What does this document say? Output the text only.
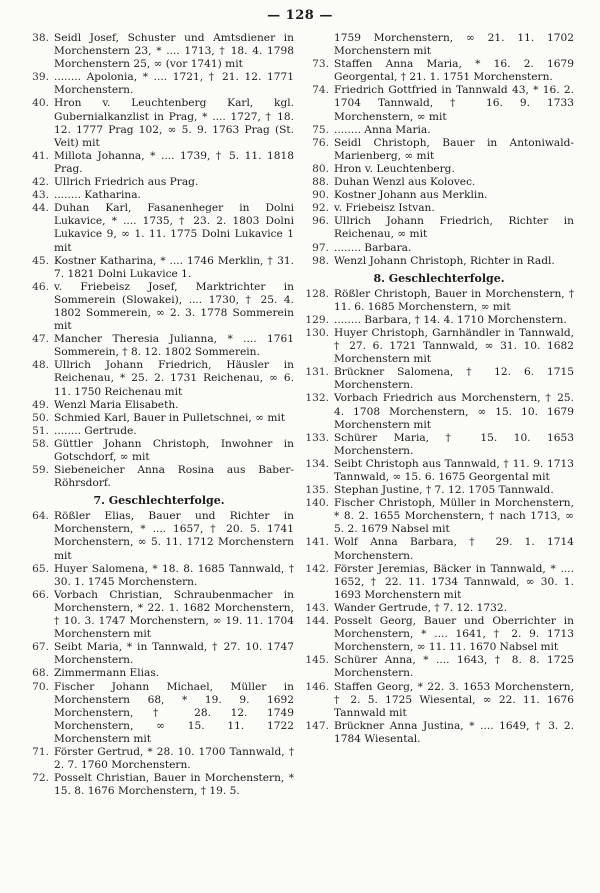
— 128 —
38. Seidl Josef, Schuster und Amtsdiener in Morchenstern 23, * .... 1713, † 18. 4. 1798 Morchenstern 25, ∞ (vor 1741) mit
39. ........ Apolonia, * .... 1721, † 21. 12. 1771 Morchenstern.
40. Hron v. Leuchtenberg Karl, kgl. Gubernialkanzlist in Prag, * .... 1727, † 18. 12. 1777 Prag 102, ∞ 5. 9. 1763 Prag (St. Veit) mit
41. Millota Johanna, * .... 1739, † 5. 11. 1818 Prag.
42. Ullrich Friedrich aus Prag.
43. ........ Katharina.
44. Duhan Karl, Fasanenheger in Dolni Lukavice, * .... 1735, † 23. 2. 1803 Dolni Lukavice 9, ∞ 1. 11. 1775 Dolni Lukavice 1 mit
45. Kostner Katharina, * .... 1746 Merklin, † 31. 7. 1821 Dolni Lukavice 1.
46. v. Friebeisz Josef, Marktrichter in Sommerein (Slowakei), .... 1730, † 25. 4. 1802 Sommerein, ∞ 2. 3. 1778 Sommerein mit
47. Mancher Theresia Julianna, * .... 1761 Sommerein, † 8. 12. 1802 Sommerein.
48. Ullrich Johann Friedrich, Häusler in Reichenau, * 25. 2. 1731 Reichenau, ∞ 6. 11. 1750 Reichenau mit
49. Wenzl Maria Elisabeth.
50. Schmied Karl, Bauer in Pulletschnei, ∞ mit
51. ........ Gertrude.
58. Güttler Johann Christoph, Inwohner in Gotschdorf, ∞ mit
59. Siebeneicher Anna Rosina aus Baber-Röhrsdorf.
7. Geschlechterfolge.
64. Rößler Elias, Bauer und Richter in Morchenstern, * .... 1657, † 20. 5. 1741 Morchenstern, ∞ 5. 11. 1712 Morchenstern mit
65. Huyer Salomena, * 18. 8. 1685 Tannwald, † 30. 1. 1745 Morchenstern.
66. Vorbach Christian, Schraubenmacher in Morchenstern, * 22. 1. 1682 Morchenstern, † 10. 3. 1747 Morchenstern, ∞ 19. 11. 1704 Morchenstern mit
67. Seibt Maria, * in Tannwald, † 27. 10. 1747 Morchenstern.
68. Zimmermann Elias.
70. Fischer Johann Michael, Müller in Morchenstern 68, * 19. 9. 1692 Morchenstern, † 28. 12. 1749 Morchenstern, ∞ 15. 11. 1722 Morchenstern mit
71. Förster Gertrud, * 28. 10. 1700 Tannwald, † 2. 7. 1760 Morchenstern.
72. Posselt Christian, Bauer in Morchenstern, * 15. 8. 1676 Morchenstern, † 19. 5.
1759 Morchenstern, ∞ 21. 11. 1702 Morchenstern mit
73. Staffen Anna Maria, * 16. 2. 1679 Georgental, † 21. 1. 1751 Morchenstern.
74. Friedrich Gottfried in Tannwald 43, * 16. 2. 1704 Tannwald, † 16. 9. 1733 Morchenstern, ∞ mit
75. ........ Anna Maria.
76. Seidl Christoph, Bauer in Antoniwald-Marienberg, ∞ mit
80. Hron v. Leuchtenberg.
88. Duhan Wenzl aus Kolovec.
90. Kostner Johann aus Merklin.
92. v. Friebeisz Istvan.
96. Ullrich Johann Friedrich, Richter in Reichenau, ∞ mit
97. ........ Barbara.
98. Wenzl Johann Christoph, Richter in Radl.
8. Geschlechterfolge.
128. Rößler Christoph, Bauer in Morchenstern, † 11. 6. 1685 Morchenstern, ∞ mit
129. ........ Barbara, † 14. 4. 1710 Morchenstern.
130. Huyer Christoph, Garnhändler in Tannwald, † 27. 6. 1721 Tannwald, ∞ 31. 10. 1682 Morchenstern mit
131. Brückner Salomena, † 12. 6. 1715 Morchenstern.
132. Vorbach Friedrich aus Morchenstern, † 25. 4. 1708 Morchenstern, ∞ 15. 10. 1679 Morchenstern mit
133. Schürer Maria, † 15. 10. 1653 Morchenstern.
134. Seibt Christoph aus Tannwald, † 11. 9. 1713 Tannwald, ∞ 15. 6. 1675 Georgental mit
135. Stephan Justine, † 7. 12. 1705 Tannwald.
140. Fischer Christoph, Müller in Morchenstern, * 8. 2. 1655 Morchenstern, † nach 1713, ∞ 5. 2. 1679 Nabsel mit
141. Wolf Anna Barbara, † 29. 1. 1714 Morchenstern.
142. Förster Jeremias, Bäcker in Tannwald, * .... 1652, † 22. 11. 1734 Tannwald, ∞ 30. 1. 1693 Morchenstern mit
143. Wander Gertrude, † 7. 12. 1732.
144. Posselt Georg, Bauer und Oberrichter in Morchenstern, * .... 1641, † 2. 9. 1713 Morchenstern, ∞ 11. 11. 1670 Nabsel mit
145. Schürer Anna, * .... 1643, † 8. 8. 1725 Morchenstern.
146. Staffen Georg, * 22. 3. 1653 Morchenstern, † 2. 5. 1725 Wiesental, ∞ 22. 11. 1676 Tannwald mit
147. Brückner Anna Justina, * .... 1649, † 3. 2. 1784 Wiesental.
